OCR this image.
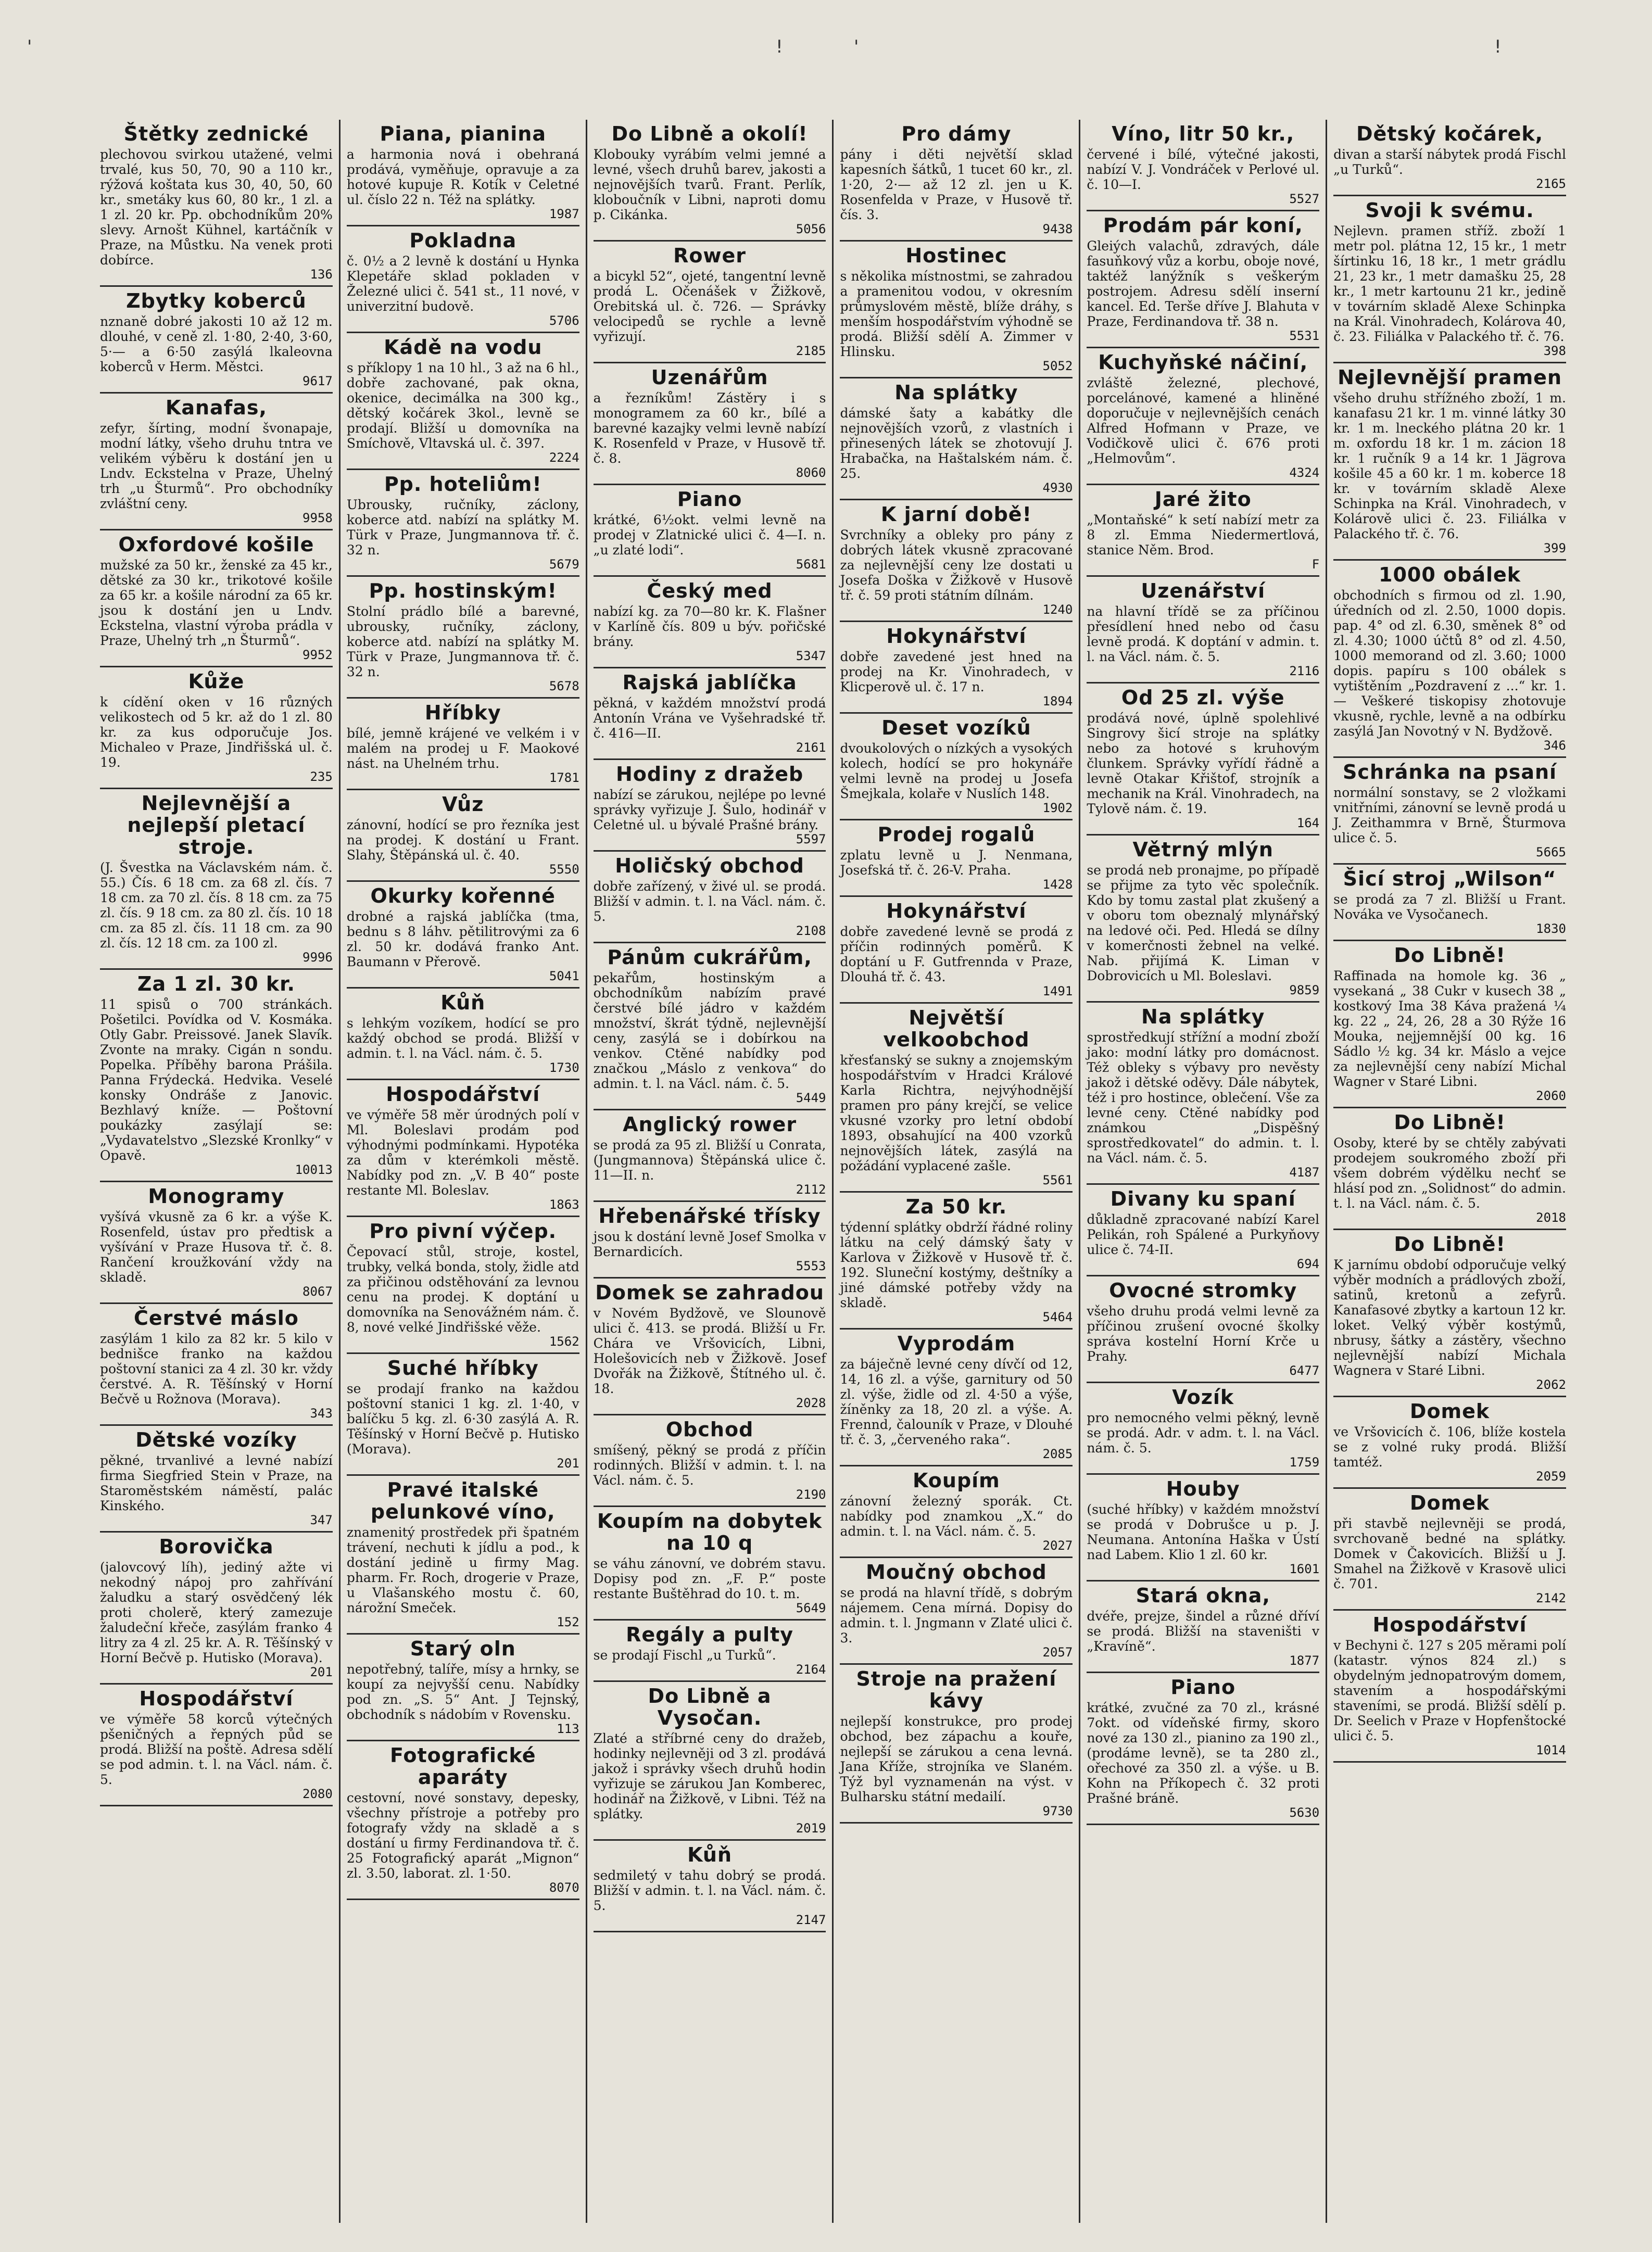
'	!	'	!
Štětky zednické

plechovou svirkou utažené, velmi trvalé, kus 50, 70, 90 a 110 kr., rýžová koštata kus 30, 40, 50, 60 kr., smetáky kus 60, 80 kr., 1 zl. a 1 zl. 20 kr. Pp. obchodníkům 20% slevy. Arnošt Kühnel, kartáčník v Praze, na Můstku. Na venek proti dobírce.

136
Zbytky koberců

nznaně dobré jakosti 10 až 12 m. dlouhé, v ceně zl. 1·80, 2·40, 3·60, 5·— a 6·50 zasýlá lkaleovna koberců v Herm. Městci.

9617
Kanafas,

zefyr, šírting, modní švonapaje, modní látky, všeho druhu tntra ve velikém výběru k dostání jen u Lndv. Eckstelna v Praze, Uhelný trh „u Šturmů“. Pro obchodníky zvláštní ceny.

9958
Oxfordové košile

mužské za 50 kr., ženské za 45 kr., dětské za 30 kr., trikotové košile za 65 kr. a košile národní za 65 kr. jsou k dostání jen u Lndv. Eckstelna, vlastní výroba prádla v Praze, Uhelný trh „n Šturmů“.

9952
Kůže

k cídění oken v 16 různých velikostech od 5 kr. až do 1 zl. 80 kr. za kus odporučuje Jos. Michaleo v Praze, Jindřišská ul. č. 19.

235
Nejlevnější a nejlepší pletací stroje.

(J. Švestka na Václavském nám. č. 55.) Čís. 6 18 cm. za 68 zl. čís. 7 18 cm. za 70 zl. čís. 8 18 cm. za 75 zl. čís. 9 18 cm. za 80 zl. čís. 10 18 cm. za 85 zl. čís. 11 18 cm. za 90 zl. čís. 12 18 cm. za 100 zl.

9996
Za 1 zl. 30 kr.

11 spisů o 700 stránkách. Pošetilci. Povídka od V. Kosmáka. Otly Gabr. Preissové. Janek Slavík. Zvonte na mraky. Cigán n sondu. Popelka. Příběhy barona Prášila. Panna Frýdecká. Hedvika. Veselé konsky Ondráše z Janovic. Bezhlavý kníže. — Poštovní poukázky zasýlají se: „Vydavatelstvo „Slezské Kronlky“ v Opavě.

10013
Monogramy

vyšívá vkusně za 6 kr. a výše K. Rosenfeld, ústav pro předtisk a vyšívání v Praze Husova tř. č. 8. Rančení kroužkování vždy na skladě.

8067
Čerstvé máslo

zasýlám 1 kilo za 82 kr. 5 kilo v bednišce franko na každou poštovní stanici za 4 zl. 30 kr. vždy čerstvé. A. R. Těšínský v Horní Bečvě u Rožnova (Morava).

343
Dětské vozíky

pěkné, trvanlivé a levné nabízí firma Siegfried Stein v Praze, na Staroměstském náměstí, palác Kinského.

347
Borovička

(jalovcový líh), jediný ažte vi nekodný nápoj pro zahřívání žaludku a starý osvědčený lék proti cholerě, který zamezuje žaludeční křeče, zasýlám franko 4 litry za 4 zl. 25 kr. A. R. Těšínský v Horní Bečvě p. Hutisko (Morava).

201
Hospodářství

ve výměře 58 korců výtečných pšeničných a řepných půd se prodá. Bližší na poště. Adresa sdělí se pod admin. t. l. na Václ. nám. č. 5.

2080
Piana, pianina

a harmonia nová i obehraná prodává, vyměňuje, opravuje a za hotové kupuje R. Kotík v Celetné ul. číslo 22 n. Též na splátky.

1987
Pokladna

č. 0½ a 2 levně k dostání u Hynka Klepetáře sklad pokladen v Železné ulici č. 541 st., 11 nové, v univerzitní budově.

5706
Kádě na vodu

s příklopy 1 na 10 hl., 3 až na 6 hl., dobře zachované, pak okna, okenice, decimálka na 300 kg., dětský kočárek 3kol., levně se prodají. Bližší u domovníka na Smíchově, Vltavská ul. č. 397.

2224
Pp. hoteliům!

Ubrousky, ručníky, záclony, koberce atd. nabízí na splátky M. Türk v Praze, Jungmannova tř. č. 32 n.

5679
Pp. hostinským!

Stolní prádlo bílé a barevné, ubrousky, ručníky, záclony, koberce atd. nabízí na splátky M. Türk v Praze, Jungmannova tř. č. 32 n.

5678
Hříbky

bílé, jemně krájené ve velkém i v malém na prodej u F. Maokové nást. na Uhelném trhu.

1781
Vůz

zánovní, hodící se pro řezníka jest na prodej. K dostání u Frant. Slahy, Štěpánská ul. č. 40.

5550
Okurky kořenné

drobné a rajská jablíčka (tma, bednu s 8 láhv. pětilitrovými za 6 zl. 50 kr. dodává franko Ant. Baumann v Přerově.

5041
Kůň

s lehkým vozíkem, hodící se pro každý obchod se prodá. Bližší v admin. t. l. na Václ. nám. č. 5.

1730
Hospodářství

ve výměře 58 měr úrodných polí v Ml. Boleslavi prodám pod výhodnými podmínkami. Hypotéka za dům v kterémkoli městě. Nabídky pod zn. „V. B 40“ poste restante Ml. Boleslav.

1863
Pro pivní výčep.

Čepovací stůl, stroje, kostel, trubky, velká bonda, stoly, židle atd za přičinou odstěhování za levnou cenu na prodej. K doptání u domovníka na Senovážném nám. č. 8, nové velké Jindřišské věže.

1562
Suché hříbky

se prodají franko na každou poštovní stanici 1 kg. zl. 1·40, v balíčku 5 kg. zl. 6·30 zasýlá A. R. Těšínský v Horní Bečvě p. Hutisko (Morava).

201
Pravé italské pelunkové víno,

znamenitý prostředek při špatném trávení, nechuti k jídlu a pod., k dostání jedině u firmy Mag. pharm. Fr. Roch, drogerie v Praze, u Vlašanského mostu č. 60, nárožní Smeček.

152
Starý oln

nepotřebný, talíře, mísy a hrnky, se koupí za nejvyšší cenu. Nabídky pod zn. „S. 5“ Ant. J Tejnský, obchodník s nádobím v Rovensku.

113
Fotografické aparáty

cestovní, nové sonstavy, depesky, všechny přístroje a potřeby pro fotografy vždy na skladě a s dostání u firmy Ferdinandova tř. č. 25 Fotografický aparát „Mignon“ zl. 3.50, laborat. zl. 1·50.

8070
Do Libně a okolí!

Klobouky vyrábím velmi jemné a levné, všech druhů barev, jakosti a nejnovějších tvarů. Frant. Perlík, kloboučník v Libni, naproti domu p. Cikánka.

5056
Rower

a bicykl 52“, ojeté, tangentní levně prodá L. Očenášek v Žižkově, Orebitská ul. č. 726. — Správky velocipedů se rychle a levně vyřizují.

2185
Uzenářům

a řezníkům! Zástěry i s monogramem za 60 kr., bílé a barevné kazajky velmi levně nabízí K. Rosenfeld v Praze, v Husově tř. č. 8.

8060
Piano

krátké, 6½okt. velmi levně na prodej v Zlatnické ulici č. 4—I. n. „u zlaté lodi“.

5681
Český med

nabízí kg. za 70—80 kr. K. Flašner v Karlíně čís. 809 u býv. pořičské brány.

5347
Rajská jablíčka

pěkná, v každém množství prodá Antonín Vrána ve Vyšehradské tř. č. 416—II.

2161
Hodiny z dražeb

nabízí se zárukou, nejlépe po levné správky vyřizuje J. Šulo, hodinář v Celetné ul. u bývalé Prašné brány.

5597
Holičský obchod

dobře zařízený, v živé ul. se prodá. Bližší v admin. t. l. na Václ. nám. č. 5.

2108
Pánům cukrářům,

pekařům, hostinským a obchodníkům nabízím pravé čerstvé bílé jádro v každém množství, škrát týdně, nejlevnější ceny, zasýlá se i dobírkou na venkov. Ctěné nabídky pod značkou „Máslo z venkova“ do admin. t. l. na Václ. nám. č. 5.

5449
Anglický rower

se prodá za 95 zl. Bližší u Conrata, (Jungmannova) Štěpánská ulice č. 11—II. n.

2112
Hřebenářské třísky

jsou k dostání levně Josef Smolka v Bernardicích.

5553
Domek se zahradou

v Novém Bydžově, ve Slounově ulici č. 413. se prodá. Bližší u Fr. Chára ve Vršovicích, Libni, Holešovicích neb v Žižkově. Josef Dvořák na Žižkově, Štítného ul. č. 18.

2028
Obchod

smíšený, pěkný se prodá z příčin rodinných. Bližší v admin. t. l. na Václ. nám. č. 5.

2190
Koupím na dobytek na 10 q

se váhu zánovní, ve dobrém stavu. Dopisy pod zn. „F. P.“ poste restante Buštěhrad do 10. t. m.

5649
Regály a pulty

se prodají Fischl „u Turků“.

2164
Do Libně a Vysočan.

Zlaté a stříbrné ceny do dražeb, hodinky nejlevněji od 3 zl. prodává jakož i správky všech druhů hodin vyřizuje se zárukou Jan Komberec, hodinář na Žižkově, v Libni. Též na splátky.

2019
Kůň

sedmiletý v tahu dobrý se prodá. Bližší v admin. t. l. na Václ. nám. č. 5.

2147
Pro dámy

pány i děti největší sklad kapesních šátků, 1 tucet 60 kr., zl. 1·20, 2·— až 12 zl. jen u K. Rosenfelda v Praze, v Husově tř. čís. 3.

9438
Hostinec

s několika místnostmi, se zahradou a pramenitou vodou, v okresním průmyslovém městě, blíže dráhy, s menším hospodářstvím výhodně se prodá. Bližší sdělí A. Zimmer v Hlinsku.

5052
Na splátky

dámské šaty a kabátky dle nejnovějších vzorů, z vlastních i přinesených látek se zhotovují J. Hrabačka, na Haštalském nám. č. 25.

4930
K jarní době!

Svrchníky a obleky pro pány z dobrých látek vkusně zpracované za nejlevnější ceny lze dostati u Josefa Doška v Žižkově v Husově tř. č. 59 proti státním dílnám.

1240
Hokynářství

dobře zavedené jest hned na prodej na Kr. Vinohradech, v Klicperově ul. č. 17 n.

1894
Deset vozíků

dvoukolových o nízkých a vysokých kolech, hodící se pro hokynáře velmi levně na prodej u Josefa Šmejkala, kolaře v Nuslích 148.

1902
Prodej rogalů

zplatu levně u J. Nenmana, Josefská tř. č. 26-V. Praha.

1428
Hokynářství

dobře zavedené levně se prodá z příčin rodinných poměrů. K doptání u F. Gutfrennda v Praze, Dlouhá tř. č. 43.

1491
Největší velkoobchod

křesťanský se sukny a znojemským hospodářstvím v Hradci Králové Karla Richtra, nejvýhodnější pramen pro pány krejčí, se velice vkusné vzorky pro letní období 1893, obsahující na 400 vzorků nejnovějších látek, zasýlá na požádání vyplacené zašle.

5561
Za 50 kr.

týdenní splátky obdrží řádné roliny látku na celý dámský šaty v Karlova v Žižkově v Husově tř. č. 192. Sluneční kostýmy, deštníky a jiné dámské potřeby vždy na skladě.

5464
Vyprodám

za báječně levné ceny dívčí od 12, 14, 16 zl. a výše, garnitury od 50 zl. výše, židle od zl. 4·50 a výše, žíněnky za 18, 20 zl. a výše. A. Frennd, čalouník v Praze, v Dlouhé tř. č. 3, „červeného raka“.

2085
Koupím

zánovní železný sporák. Ct. nabídky pod znamkou „X.“ do admin. t. l. na Václ. nám. č. 5.

2027
Moučný obchod

se prodá na hlavní třídě, s dobrým nájemem. Cena mírná. Dopisy do admin. t. l. Jngmann v Zlaté ulici č. 3.

2057
Stroje na pražení kávy

nejlepší konstrukce, pro prodej obchod, bez zápachu a kouře, nejlepší se zárukou a cena levná. Jana Kříže, strojníka ve Slaném. Týž byl vyznamenán na výst. v Bulharsku státní medailí.

9730
Víno, litr 50 kr.,

červené i bílé, výtečné jakosti, nabízí V. J. Vondráček v Perlové ul. č. 10—I.

5527
Prodám pár koní,

Gleiých valachů, zdravých, dále fasuňkový vůz a korbu, oboje nové, taktéž lanýžník s veškerým postrojem. Adresu sdělí inserní kancel. Ed. Terše dříve J. Blahuta v Praze, Ferdinandova tř. 38 n.

5531
Kuchyňské náčiní,

zvláště železné, plechové, porcelánové, kamené a hliněné doporučuje v nejlevnějších cenách Alfred Hofmann v Praze, ve Vodičkově ulici č. 676 proti „Helmovům“.

4324
Jaré žito

„Montaňské“ k setí nabízí metr za 8 zl. Emma Niedermertlová, stanice Něm. Brod.

F
Uzenářství

na hlavní třídě se za příčinou přesídlení hned nebo od času levně prodá. K doptání v admin. t. l. na Václ. nám. č. 5.

2116
Od 25 zl. výše

prodává nové, úplně spolehlivé Singrovy šicí stroje na splátky nebo za hotové s kruhovým člunkem. Správky vyřídí řádně a levně Otakar Křištof, strojník a mechanik na Král. Vinohradech, na Tylově nám. č. 19.

164
Větrný mlýn

se prodá neb pronajme, po případě se přijme za tyto věc společník. Kdo by tomu zastal plat zkušený a v oboru tom obeznalý mlynářský na ledové oči. Ped. Hledá se dílny v komerčnosti žebnel na velké. Nab. přijímá K. Liman v Dobrovicích u Ml. Boleslavi.

9859
Na splátky

sprostředkují střížní a modní zboží jako: modní látky pro domácnost. Též obleky s výbavy pro nevěsty jakož i dětské oděvy. Dále nábytek, též i pro hostince, oblečení. Vše za levné ceny. Ctěné nabídky pod známkou „Dispěšný sprostředkovatel“ do admin. t. l. na Václ. nám. č. 5.

4187
Divany ku spaní

důkladně zpracované nabízí Karel Pelikán, roh Spálené a Purkyňovy ulice č. 74-II.

694
Ovocné stromky

všeho druhu prodá velmi levně za příčinou zrušení ovocné školky správa kostelní Horní Krče u Prahy.

6477
Vozík

pro nemocného velmi pěkný, levně se prodá. Adr. v adm. t. l. na Václ. nám. č. 5.

1759
Houby

(suché hříbky) v každém množství se prodá v Dobrušce u p. J. Neumana. Antonína Haška v Ústí nad Labem. Klio 1 zl. 60 kr.

1601
Stará okna,

dvéře, prejze, šindel a různé dříví se prodá. Bližší na staveništi v „Kravíně“.

1877
Piano

krátké, zvučné za 70 zl., krásné 7okt. od vídeňské firmy, skoro nové za 130 zl., pianino za 190 zl., (prodáme levně), se ta 280 zl., ořechové za 350 zl. a výše. u B. Kohn na Příkopech č. 32 proti Prašné bráně.

5630
Dětský kočárek,

divan a starší nábytek prodá Fischl „u Turků“.

2165
Svoji k svému.

Nejlevn. pramen stříž. zboží 1 metr pol. plátna 12, 15 kr., 1 metr šírtinku 16, 18 kr., 1 metr grádlu 21, 23 kr., 1 metr damašku 25, 28 kr., 1 metr kartounu 21 kr., jedině v továrním skladě Alexe Schinpka na Král. Vinohradech, Kolárova 40, č. 23. Filiálka v Palackého tř. č. 76.

398
Nejlevnější pramen

všeho druhu střížného zboží, 1 m. kanafasu 21 kr. 1 m. vinné látky 30 kr. 1 m. lneckého plátna 20 kr. 1 m. oxfordu 18 kr. 1 m. zácion 18 kr. 1 ručník 9 a 14 kr. 1 Jägrova košile 45 a 60 kr. 1 m. koberce 18 kr. v továrním skladě Alexe Schinpka na Král. Vinohradech, v Kolárově ulici č. 23. Filiálka v Palackého tř. č. 76.

399
1000 obálek

obchodních s firmou od zl. 1.90, úředních od zl. 2.50, 1000 dopis. pap. 4° od zl. 6.30, směnek 8° od zl. 4.30; 1000 účtů 8° od zl. 4.50, 1000 memorand od zl. 3.60; 1000 dopis. papíru s 100 obálek s vytištěním „Pozdravení z ...“ kr. 1.— Veškeré tiskopisy zhotovuje vkusně, rychle, levně a na odbírku zasýlá Jan Novotný v N. Bydžově.

346
Schránka na psaní

normální sonstavy, se 2 vložkami vnitřními, zánovní se levně prodá u J. Zeithammra v Brně, Šturmova ulice č. 5.

5665
Šicí stroj „Wilson“

se prodá za 7 zl. Bližší u Frant. Nováka ve Vysočanech.

1830
Do Libně!

Raffinada na homole kg. 36 „ vysekaná „ 38 Cukr v kusech 38 „ kostkový Ima 38 Káva pražená ¼ kg. 22 „ 24, 26, 28 a 30 Rýže 16 Mouka, nejjemnější 00 kg. 16 Sádlo ½ kg. 34 kr. Máslo a vejce za nejlevnější ceny nabízí Michal Wagner v Staré Libni.

2060
Do Libně!

Osoby, které by se chtěly zabývati prodejem soukromého zboží při všem dobrém výdělku nechť se hlásí pod zn. „Solidnost“ do admin. t. l. na Václ. nám. č. 5.

2018
Do Libně!

K jarnímu období odporučuje velký výběr modních a prádlových zboží, satinů, kretonů a zefyrů. Kanafasové zbytky a kartoun 12 kr. loket. Velký výběr kostýmů, nbrusy, šátky a zástěry, všechno nejlevnější nabízí Michala Wagnera v Staré Libni.

2062
Domek

ve Vršovicích č. 106, blíže kostela se z volné ruky prodá. Bližší tamtéž.

2059
Domek

při stavbě nejlevněji se prodá, svrchovaně bedné na splátky. Domek v Čakovicích. Bližší u J. Smahel na Žižkově v Krasově ulici č. 701.

2142
Hospodářství

v Bechyni č. 127 s 205 měrami polí (katastr. výnos 824 zl.) s obydelným jednopatrovým domem, stavením a hospodářskými staveními, se prodá. Bližší sdělí p. Dr. Seelich v Praze v Hopfenštocké ulici č. 5.

1014
